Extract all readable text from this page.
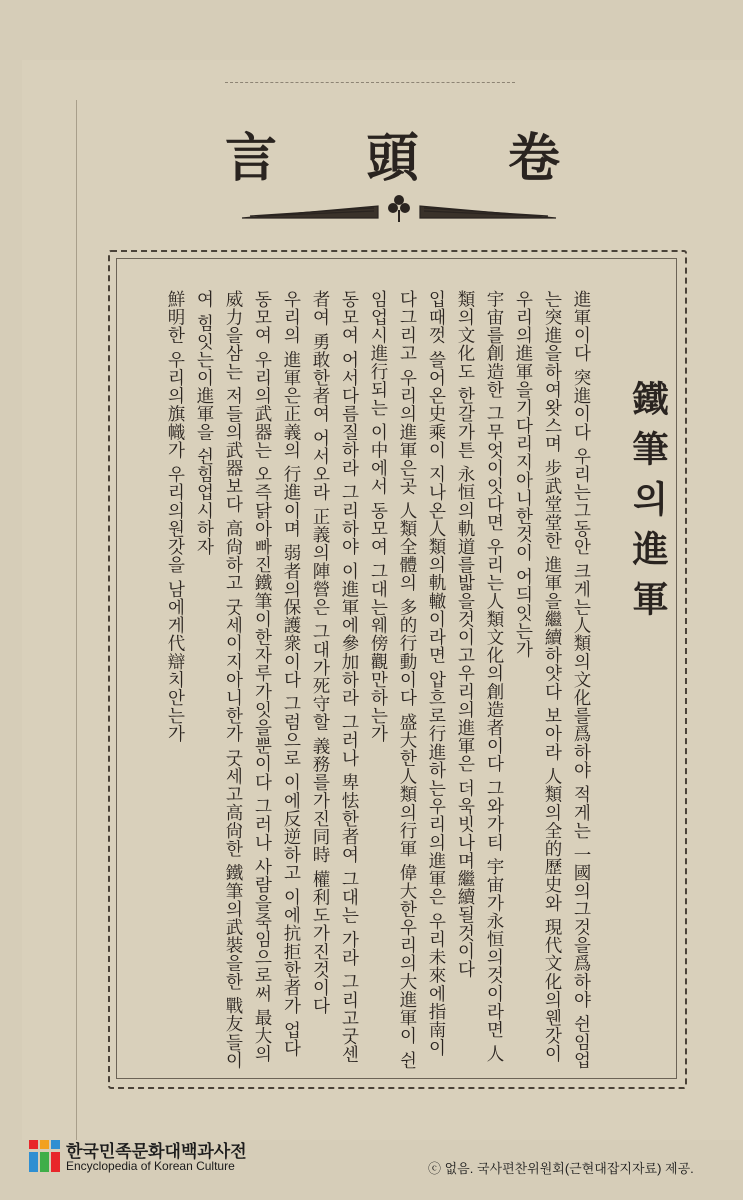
卷
頭
言
鐵筆의進軍

進軍이다 突進이다 우리는그동안 크게는人類의文化를爲하야 적게는 一國의그것을爲하야 쉰임업는突進을하여왓스며 步武堂堂한 進軍을繼續하얏다 보아라 人類의全的歷史와 現代文化의웬갓이 우리의進軍을기다리지아니한것이 어듸잇는가

宇宙를創造한 그무엇이잇다면 우리는人類文化의創造者이다 그와가티 宇宙가永恒의것이라면 人類의文化도 한갈가튼 永恒의軌道를밟을것이고우리의進軍은 더욱빗나며繼續될것이다

입때껏 쓸어온史乘이 지나온人類의軌轍이라면 압흐로行進하는우리의進軍은 우리未來에指南이다그리고 우리의進軍은곳 人類全體의 多的行動이다 盛大한人類의行軍 偉大한우리의大進軍이 쉰임업시進行되는 이中에서 동모여 그대는웨傍觀만하는가

동모여 어서다름질하라 그리하야 이進軍에參加하라 그러나 卑怯한者여 그대는 가라 그리고굿센者여 勇敢한者여 어서오라 正義의陣營은 그대가死守할 義務를가진同時 權利도가진것이다

우리의 進軍은正義의 行進이며 弱者의保護衆이다 그럼으로 이에反逆하고 이에抗拒한者가 업다동모여 우리의武器는 오즉닭아빠진鐵筆이한자루가잇을뿐이다 그러나 사람을죽임으로써 最大의威力을삼는 저들의武器보다 高尙하고 굿세이지아니한가 굿세고高尙한 鐵筆의武裝을한 戰友들이여 힘잇는이進軍을 쉰힘업시하자

鮮明한 우리의旗幟가 우리의원갓을 남에게代辯치안는가

한국민족문화대백과사전
Encyclopedia of Korean Culture	ⓒ 없음. 국사편찬위원회(근현대잡지자료) 제공.
